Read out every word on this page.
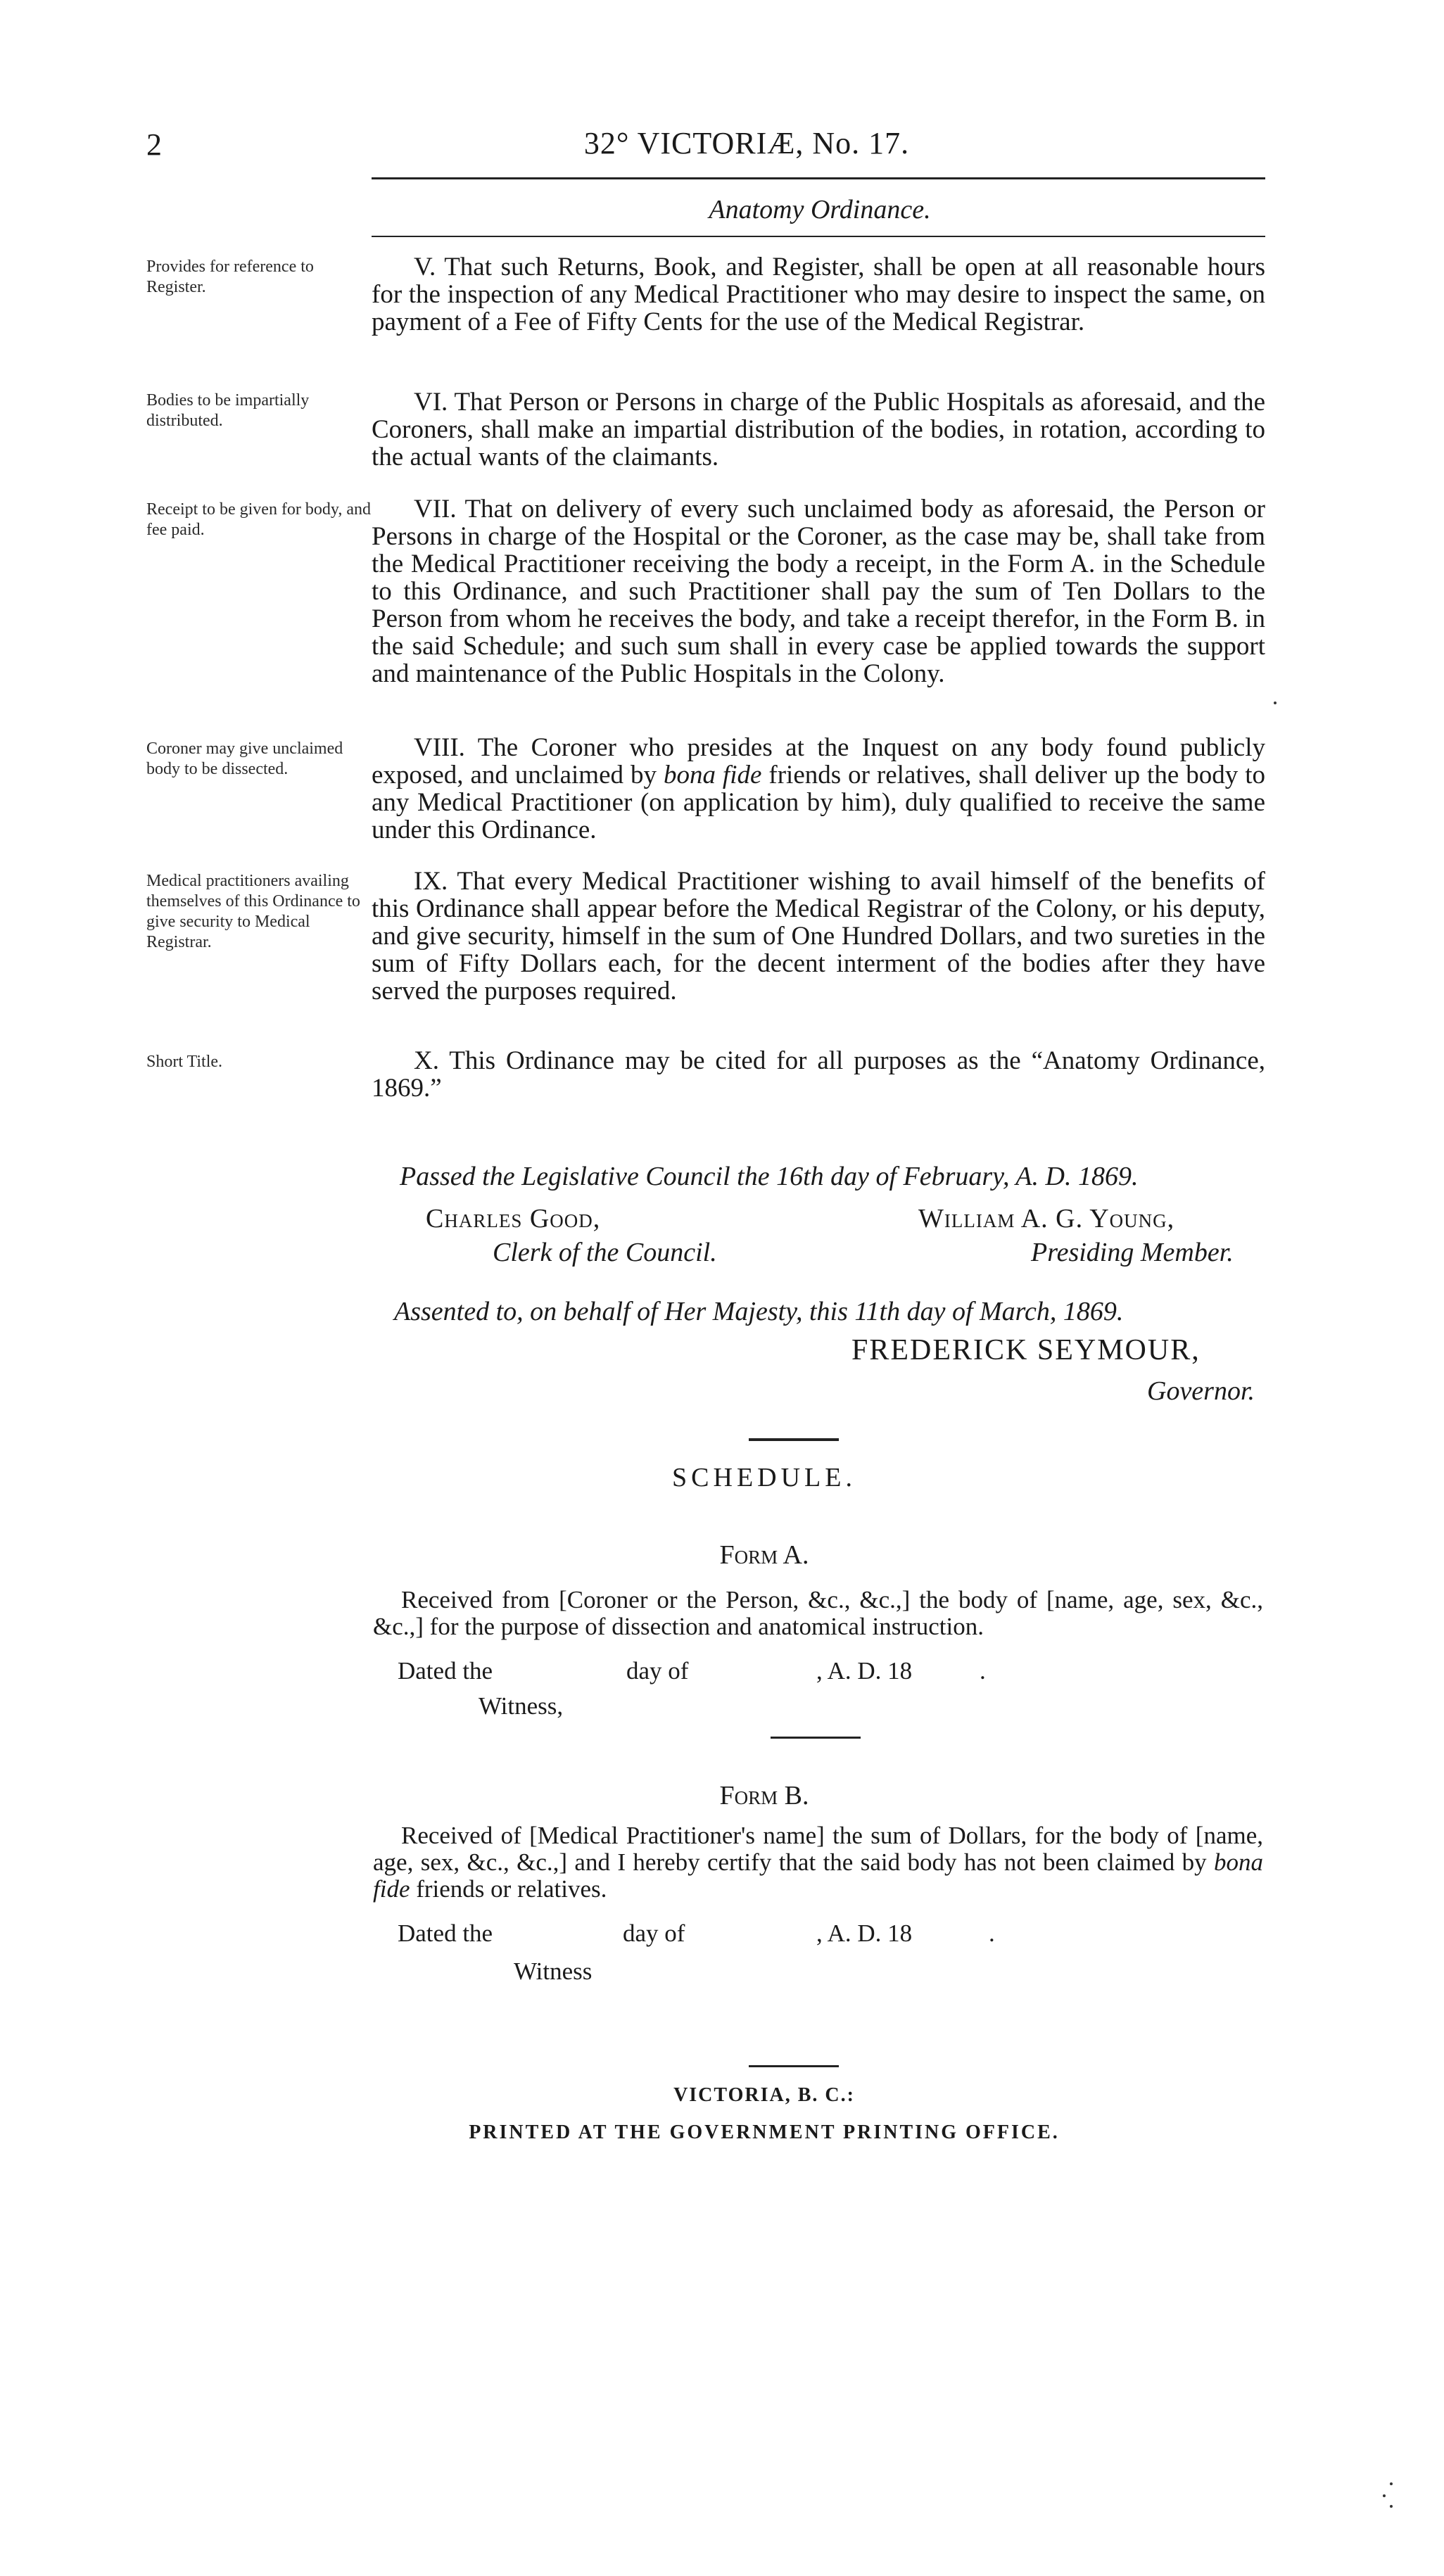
2	32° VICTORIÆ, No. 17.
Anatomy Ordinance.
Provides for reference to Register.
V. That such Returns, Book, and Register, shall be open at all reasonable hours for the inspection of any Medical Practitioner who may desire to inspect the same, on payment of a Fee of Fifty Cents for the use of the Medical Registrar.
Bodies to be impartially distributed.
VI. That Person or Persons in charge of the Public Hospitals as aforesaid, and the Coroners, shall make an impartial distribution of the bodies, in rotation, according to the actual wants of the claimants.
Receipt to be given for body, and fee paid.
VII. That on delivery of every such unclaimed body as aforesaid, the Person or Persons in charge of the Hospital or the Coroner, as the case may be, shall take from the Medical Practitioner receiving the body a receipt, in the Form A. in the Schedule to this Ordinance, and such Practitioner shall pay the sum of Ten Dollars to the Person from whom he receives the body, and take a receipt therefor, in the Form B. in the said Schedule; and such sum shall in every case be applied towards the support and maintenance of the Public Hospitals in the Colony.
Coroner may give unclaimed body to be dissected.
VIII. The Coroner who presides at the Inquest on any body found publicly exposed, and unclaimed by bona fide friends or relatives, shall deliver up the body to any Medical Practitioner (on application by him), duly qualified to receive the same under this Ordinance.
Medical practitioners availing themselves of this Ordinance to give security to Medical Registrar.
IX. That every Medical Practitioner wishing to avail himself of the benefits of this Ordinance shall appear before the Medical Registrar of the Colony, or his deputy, and give security, himself in the sum of One Hundred Dollars, and two sureties in the sum of Fifty Dollars each, for the decent interment of the bodies after they have served the purposes required.
Short Title.	X. This Ordinance may be cited for all purposes as the “Anatomy Ordinance, 1869.”
Passed the Legislative Council the 16th day of February, A. D. 1869.
Charles Good,	William A. G. Young,
Clerk of the Council.	Presiding Member.
Assented to, on behalf of Her Majesty, this 11th day of March, 1869.
FREDERICK SEYMOUR,
Governor.
SCHEDULE.
Form A.
Received from [Coroner or the Person, &c., &c.,] the body of [name, age, sex, &c., &c.,] for the purpose of dissection and anatomical instruction.
Dated the	day of	, A. D. 18	.
Witness,
Form B.
Received of [Medical Practitioner's name] the sum of Dollars, for the body of [name, age, sex, &c., &c.,] and I hereby certify that the said body has not been claimed by bona fide friends or relatives.
Dated the	day of	, A. D. 18	.
Witness
VICTORIA, B. C.:
PRINTED AT THE GOVERNMENT PRINTING OFFICE.
